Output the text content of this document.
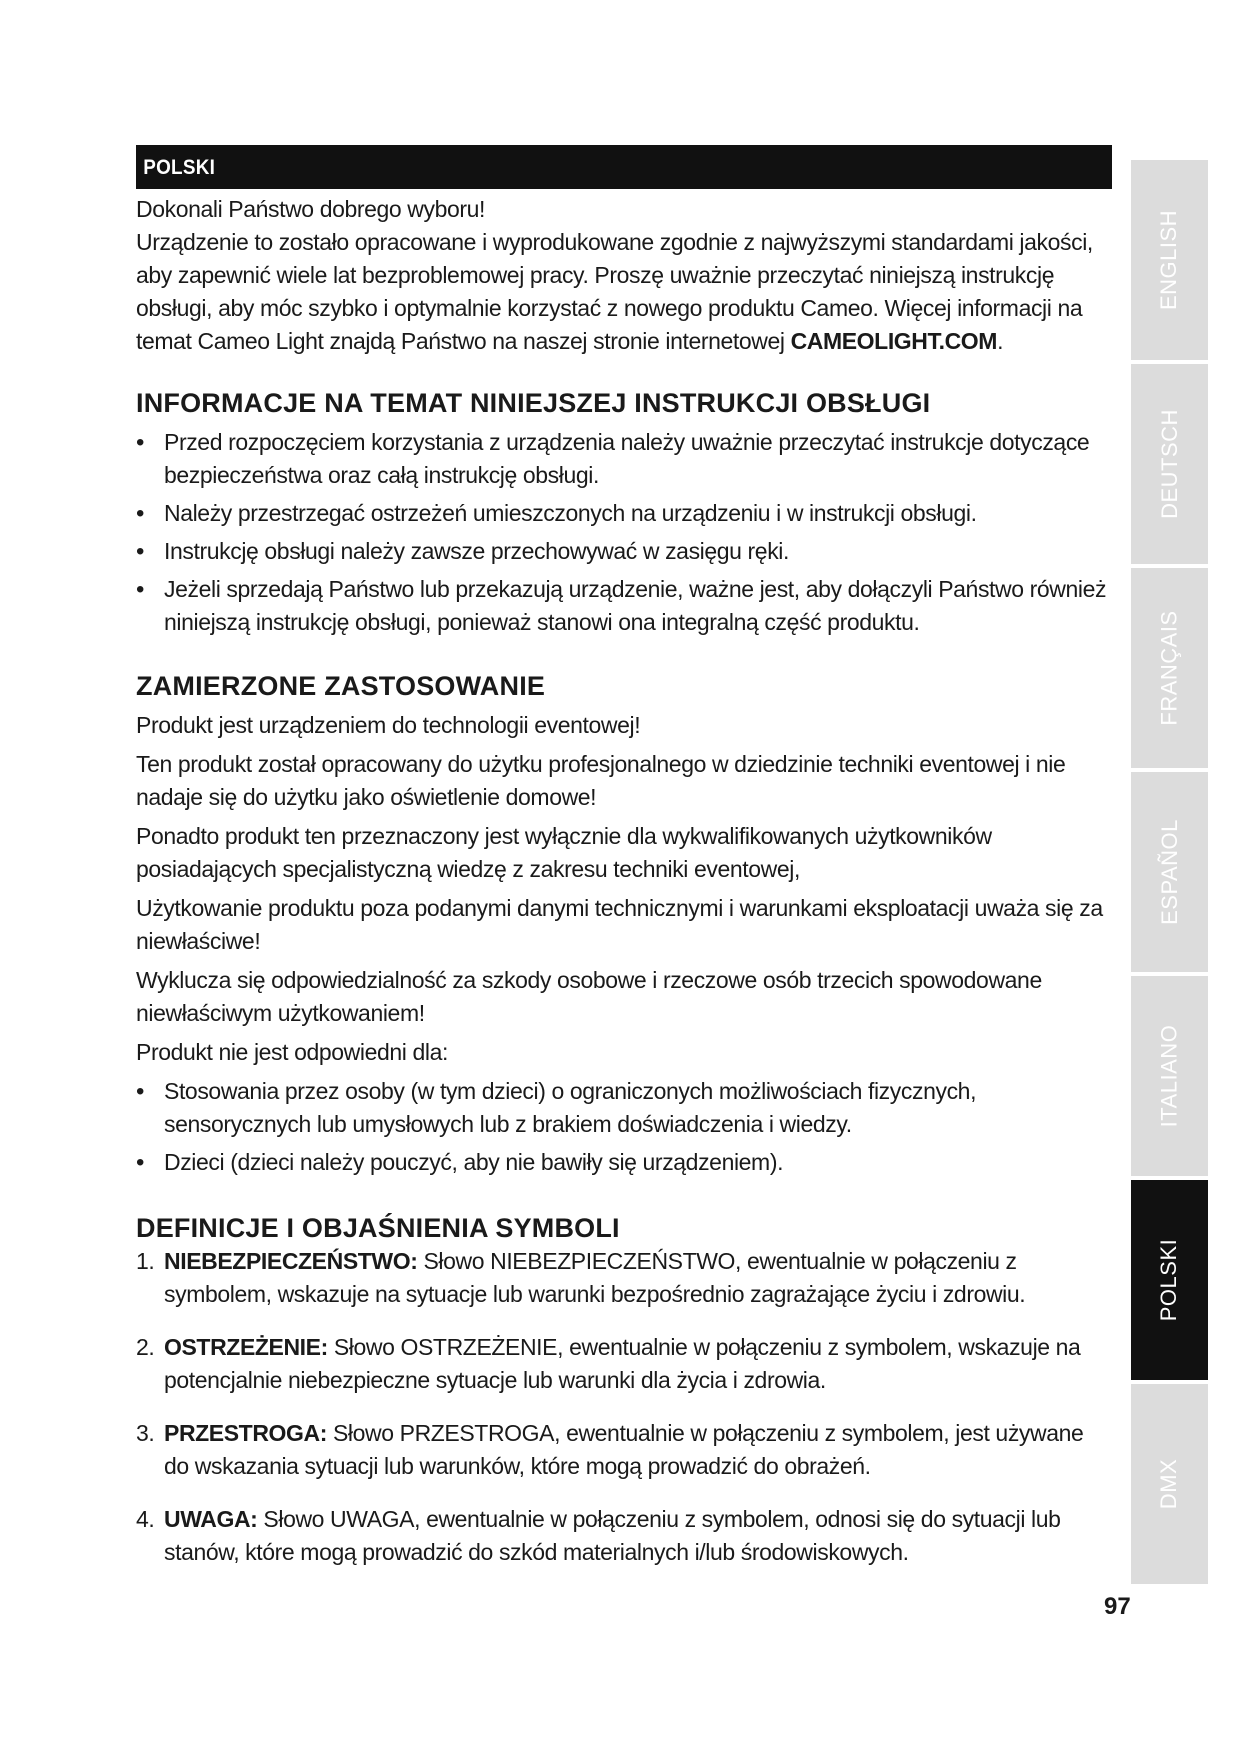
POLSKI

Dokonali Państwo dobrego wyboru!

Urządzenie to zostało opracowane i wyprodukowane zgodnie z najwyższymi standardami jakości, aby zapewnić wiele lat bezproblemowej pracy. Proszę uważnie przeczytać niniejszą instrukcję obsługi, aby móc szybko i optymalnie korzystać z nowego produktu Cameo. Więcej informacji na temat Cameo Light znajdą Państwo na naszej stronie internetowej CAMEOLIGHT.COM.

INFORMACJE NA TEMAT NINIEJSZEJ INSTRUKCJI OBSŁUGI
• Przed rozpoczęciem korzystania z urządzenia należy uważnie przeczytać instrukcje dotyczące bezpieczeństwa oraz całą instrukcję obsługi.
• Należy przestrzegać ostrzeżeń umieszczonych na urządzeniu i w instrukcji obsługi.
• Instrukcję obsługi należy zawsze przechowywać w zasięgu ręki.
• Jeżeli sprzedają Państwo lub przekazują urządzenie, ważne jest, aby dołączyli Państwo również niniejszą instrukcję obsługi, ponieważ stanowi ona integralną część produktu.
ZAMIERZONE ZASTOSOWANIE

Produkt jest urządzeniem do technologii eventowej!

Ten produkt został opracowany do użytku profesjonalnego w dziedzinie techniki eventowej i nie nadaje się do użytku jako oświetlenie domowe!

Ponadto produkt ten przeznaczony jest wyłącznie dla wykwalifikowanych użytkowników posiadających specjalistyczną wiedzę z zakresu techniki eventowej,

Użytkowanie produktu poza podanymi danymi technicznymi i warunkami eksploatacji uważa się za niewłaściwe!

Wyklucza się odpowiedzialność za szkody osobowe i rzeczowe osób trzecich spowodowane niewłaściwym użytkowaniem!

Produkt nie jest odpowiedni dla:

• Stosowania przez osoby (w tym dzieci) o ograniczonych możliwościach fizycznych, sensorycznych lub umysłowych lub z brakiem doświadczenia i wiedzy.
• Dzieci (dzieci należy pouczyć, aby nie bawiły się urządzeniem).
DEFINICJE I OBJAŚNIENIA SYMBOLI
1. NIEBEZPIECZEŃSTWO: Słowo NIEBEZPIECZEŃSTWO, ewentualnie w połączeniu z symbolem, wskazuje na sytuacje lub warunki bezpośrednio zagrażające życiu i zdrowiu.
2. OSTRZEŻENIE: Słowo OSTRZEŻENIE, ewentualnie w połączeniu z symbolem, wskazuje na potencjalnie niebezpieczne sytuacje lub warunki dla życia i zdrowia.
3. PRZESTROGA: Słowo PRZESTROGA, ewentualnie w połączeniu z symbolem, jest używane do wskazania sytuacji lub warunków, które mogą prowadzić do obrażeń.
4. UWAGA: Słowo UWAGA, ewentualnie w połączeniu z symbolem, odnosi się do sytuacji lub stanów, które mogą prowadzić do szkód materialnych i/lub środowiskowych.
ENGLISH
DEUTSCH
FRANÇAIS
ESPAÑOL
ITALIANO
POLSKI
DMX
97
